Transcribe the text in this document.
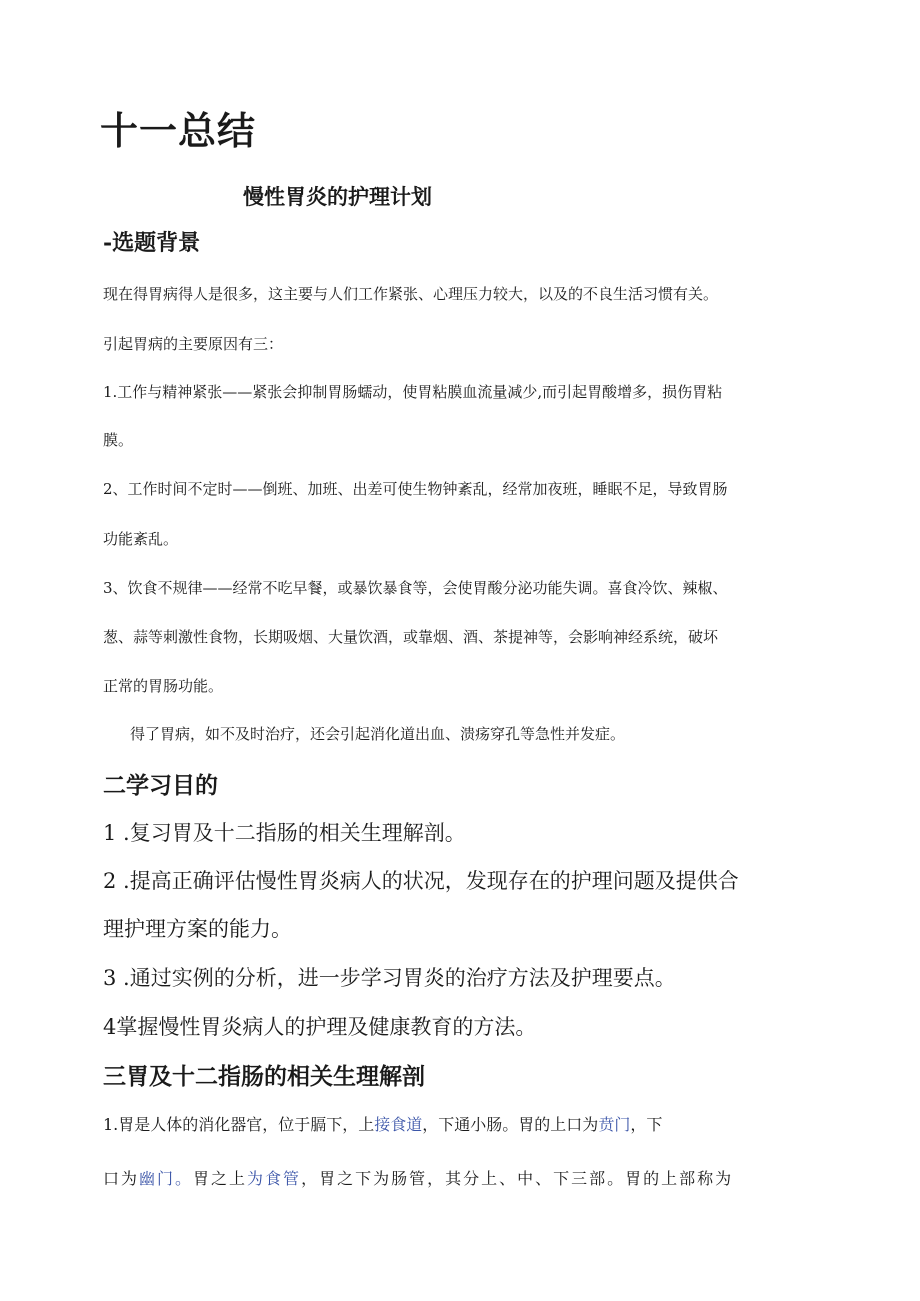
十一总结
慢性胃炎的护理计划
-选题背景

现在得胃病得人是很多，这主要与人们工作紧张、心理压力较大，以及的不良生活习惯有关。

引起胃病的主要原因有三：

1.工作与精神紧张——紧张会抑制胃肠蠕动，使胃粘膜血流量减少,而引起胃酸增多，损伤胃粘

膜。

2、工作时间不定时——倒班、加班、出差可使生物钟紊乱，经常加夜班，睡眠不足，导致胃肠

功能紊乱。

3、饮食不规律——经常不吃早餐，或暴饮暴食等，会使胃酸分泌功能失调。喜食冷饮、辣椒、

葱、蒜等刺激性食物，长期吸烟、大量饮酒，或靠烟、酒、茶提神等，会影响神经系统，破坏

正常的胃肠功能。

得了胃病，如不及时治疗，还会引起消化道出血、溃疡穿孔等急性并发症。

二学习目的

1 .复习胃及十二指肠的相关生理解剖。

2 .提高正确评估慢性胃炎病人的状况，发现存在的护理问题及提供合

理护理方案的能力。

3 .通过实例的分析，进一步学习胃炎的治疗方法及护理要点。

4掌握慢性胃炎病人的护理及健康教育的方法。

三胃及十二指肠的相关生理解剖

1.胃是人体的消化器官，位于膈下，上接食道，下通小肠。胃的上口为贲门，下

口为幽门。胃之上为食管，胃之下为肠管，其分上、中、下三部。胃的上部称为
